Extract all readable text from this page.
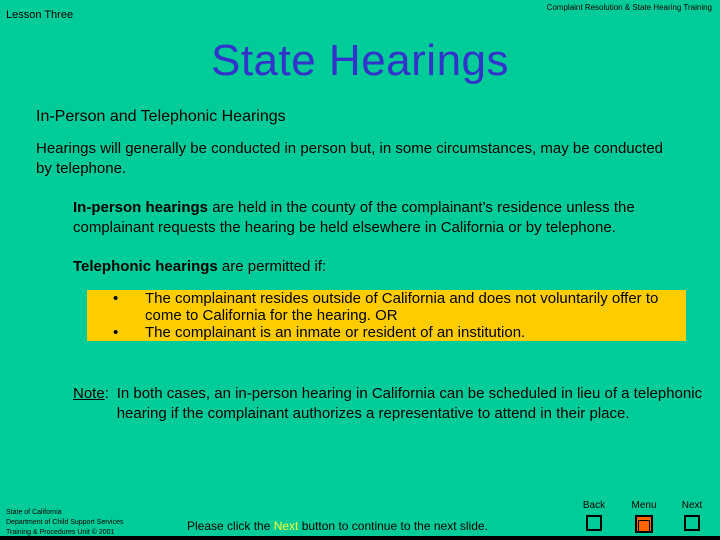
Lesson Three
Complaint Resolution & State Hearing Training
State Hearings
In-Person and Telephonic Hearings
Hearings will generally be conducted in person but, in some circumstances, may be conducted by telephone.
In-person hearings are held in the county of the complainant’s residence unless the complainant requests the hearing be held elsewhere in California or by telephone.
Telephonic hearings are permitted if:
•	The complainant resides outside of California and does not voluntarily offer to come to California for the hearing. OR
•	The complainant is an inmate or resident of an institution.
Note : In both cases, an in-person hearing in California can be scheduled in lieu of a telephonic hearing if the complainant authorizes a representative to attend in their place.
State of California
Department of Child Support Services
Training & Procedures Unit © 2001	Please click the Next button to continue to the next slide.
Back	Menu	Next
